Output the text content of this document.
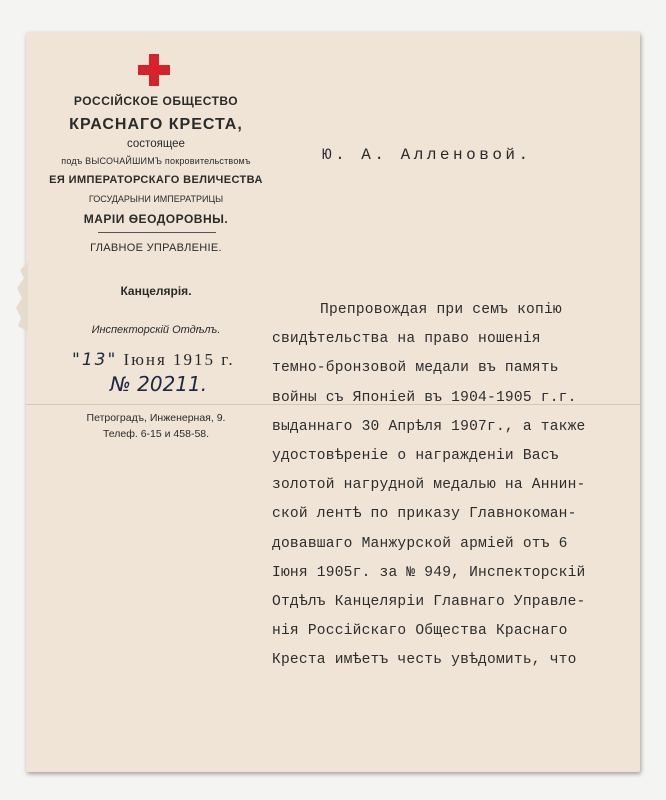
РОССІЙСКОЕ ОБЩЕСТВО
КРАСНАГО КРЕСТА,
состоящее
подъ ВЫСОЧАЙШИМЪ покровительствомъ
ЕЯ ИМПЕРАТОРСКАГО ВЕЛИЧЕСТВА
ГОСУДАРЫНИ ИМПЕРАТРИЦЫ
МАРІИ ѲЕОДОРОВНЫ.
ГЛАВНОЕ УПРАВЛЕНІЕ.
Канцелярія.
Инспекторскій Отдѣлъ.
"13" Іюня 1915 г.
№ 20211.
Петроградъ, Инженерная, 9.
Телеф. 6-15 и 458-58.
Ю. А. Алленовой.

Препровождая при семъ копію

свидѣтельства на право ношенія

темно-бронзовой медали въ память

войны съ Японіей въ 1904-1905 г.г.

выданнаго 30 Апрѣля 1907г., а также

удостовѣреніе о награжденіи Васъ

золотой нагрудной медалью на Аннин-

ской лентѣ по приказу Главнокоман-

довавшаго Манжурской арміей отъ 6

Іюня 1905г. за № 949, Инспекторскій

Отдѣлъ Канцеляріи Главнаго Управле-

нія Россійскаго Общества Краснаго

Креста имѣетъ честь увѣдомить, что
